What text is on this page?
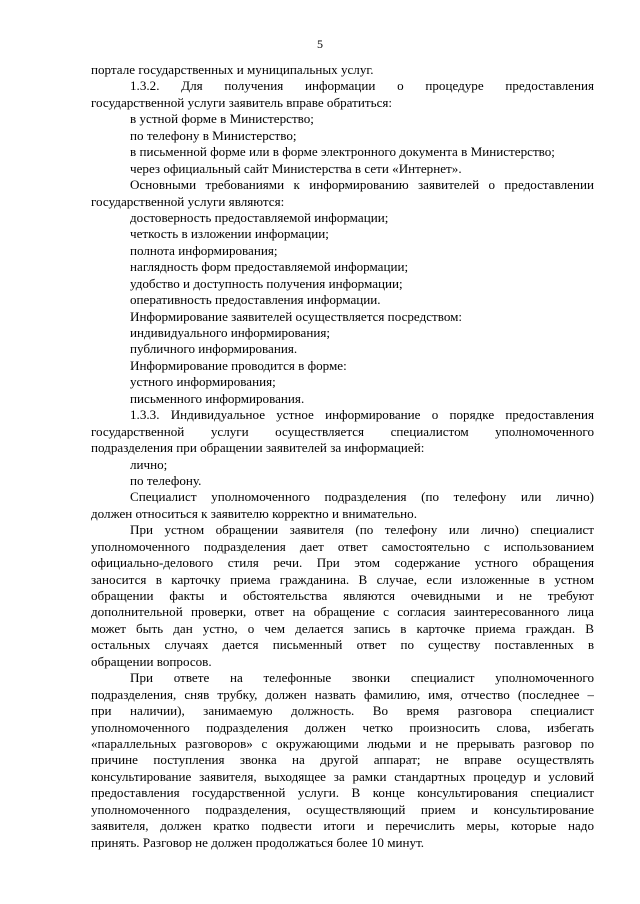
5
порталe государственных и муниципальных услуг.
1.3.2. Для получения информации о процедуре предоставления
государственной услуги заявитель вправе обратиться:
в устной форме в Министерство;
по телефону в Министерство;
в письменной форме или в форме электронного документа в Министерство;
через официальный сайт Министерства в сети «Интернет».
Основными требованиями к информированию заявителей о предоставлении
государственной услуги являются:
достоверность предоставляемой информации;
четкость в изложении информации;
полнота информирования;
наглядность форм предоставляемой информации;
удобство и доступность получения информации;
оперативность предоставления информации.
Информирование заявителей осуществляется посредством:
индивидуального информирования;
публичного информирования.
Информирование проводится в форме:
устного информирования;
письменного информирования.
1.3.3. Индивидуальное устное информирование о порядке предоставления
государственной услуги осуществляется специалистом уполномоченного
подразделения при обращении заявителей за информацией:
лично;
по телефону.
Специалист уполномоченного подразделения (по телефону или лично)
должен относиться к заявителю корректно и внимательно.
При устном обращении заявителя (по телефону или лично) специалист
уполномоченного подразделения дает ответ самостоятельно с использованием
официально-делового стиля речи. При этом содержание устного обращения
заносится в карточку приема гражданина. В случае, если изложенные в устном
обращении факты и обстоятельства являются очевидными и не требуют
дополнительной проверки, ответ на обращение с согласия заинтересованного лица
может быть дан устно, о чем делается запись в карточке приема граждан. В
остальных случаях дается письменный ответ по существу поставленных в
обращении вопросов.
При ответе на телефонные звонки специалист уполномоченного
подразделения, сняв трубку, должен назвать фамилию, имя, отчество (последнее –
при наличии), занимаемую должность. Во время разговора специалист
уполномоченного подразделения должен четко произносить слова, избегать
«параллельных разговоров» с окружающими людьми и не прерывать разговор по
причине поступления звонка на другой аппарат; не вправе осуществлять
консультирование заявителя, выходящее за рамки стандартных процедур и условий
предоставления государственной услуги. В конце консультирования специалист
уполномоченного подразделения, осуществляющий прием и консультирование
заявителя, должен кратко подвести итоги и перечислить меры, которые надо
принять. Разговор не должен продолжаться более 10 минут.
